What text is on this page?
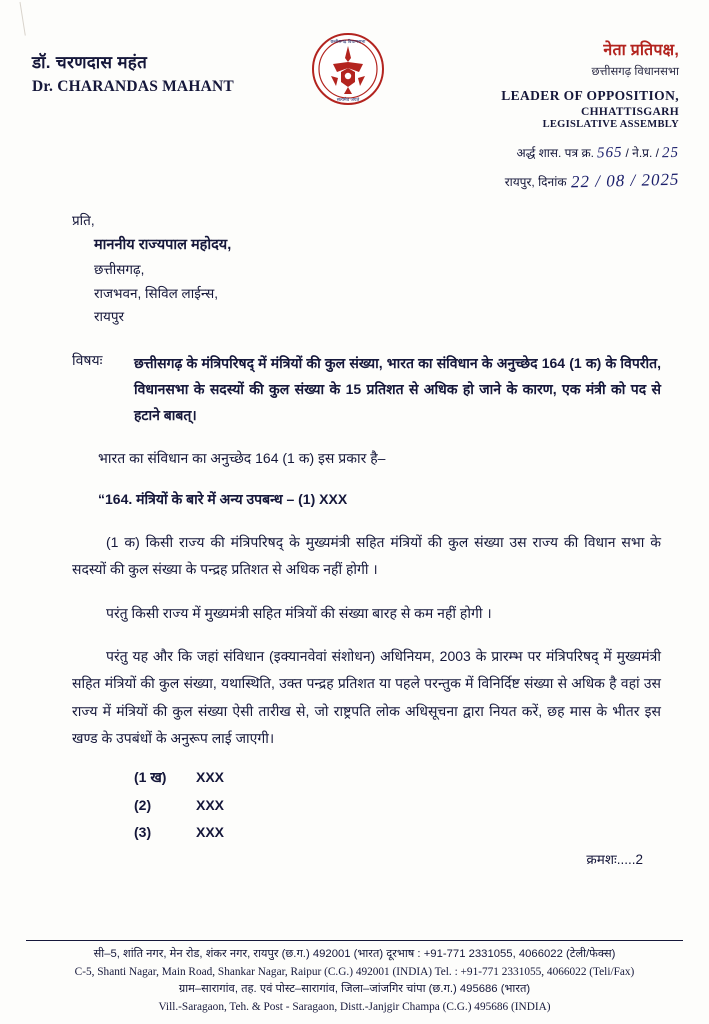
डॉ. चरणदास महंत
Dr. CHARANDAS MAHANT
छत्तीसगढ़ विधानसभा
सत्यमेव जयते
नेता प्रतिपक्ष,
छत्तीसगढ़ विधानसभा
LEADER OF OPPOSITION,
CHHATTISGARH
LEGISLATIVE ASSEMBLY
अर्द्ध शास. पत्र क्र. 565 / ने.प्र. / 25
रायपुर, दिनांक 22 / 08 / 2025
प्रति,
माननीय राज्यपाल महोदय,
छत्तीसगढ़,
राजभवन, सिविल लाईन्स,
रायपुर
विषयः	छत्तीसगढ़ के मंत्रिपरिषद् में मंत्रियों की कुल संख्या, भारत का संविधान के अनुच्छेद 164 (1 क) के विपरीत, विधानसभा के सदस्यों की कुल संख्या के 15 प्रतिशत से अधिक हो जाने के कारण, एक मंत्री को पद से हटाने बाबत्।
भारत का संविधान का अनुच्छेद 164 (1 क) इस प्रकार है–
“164. मंत्रियों के बारे में अन्य उपबन्ध – (1) XXX
(1 क) किसी राज्य की मंत्रिपरिषद् के मुख्यमंत्री सहित मंत्रियों की कुल संख्या उस राज्य की विधान सभा के सदस्यों की कुल संख्या के पन्द्रह प्रतिशत से अधिक नहीं होगी ।
परंतु किसी राज्य में मुख्यमंत्री सहित मंत्रियों की संख्या बारह से कम नहीं होगी ।
परंतु यह और कि जहां संविधान (इक्यानवेवां संशोधन) अधिनियम, 2003 के प्रारम्भ पर मंत्रिपरिषद् में मुख्यमंत्री सहित मंत्रियों की कुल संख्या, यथास्थिति, उक्त पन्द्रह प्रतिशत या पहले परन्तुक में विनिर्दिष्ट संख्या से अधिक है वहां उस राज्य में मंत्रियों की कुल संख्या ऐसी तारीख से, जो राष्ट्रपति लोक अधिसूचना द्वारा नियत करें, छह मास के भीतर इस खण्ड के उपबंधों के अनुरूप लाई जाएगी।
(1 ख)	XXX
(2)	XXX
(3)	XXX
क्रमशः.....2
सी–5, शांति नगर, मेन रोड, शंकर नगर, रायपुर (छ.ग.) 492001 (भारत) दूरभाष : +91-771 2331055, 4066022 (टेली/फेक्स)
C-5, Shanti Nagar, Main Road, Shankar Nagar, Raipur (C.G.) 492001 (INDIA) Tel. : +91-771 2331055, 4066022 (Teli/Fax)
ग्राम–सारागांव, तह. एवं पोस्ट–सारागांव, जिला–जांजगिर चांपा (छ.ग.) 495686 (भारत)
Vill.-Saragaon, Teh. & Post - Saragaon, Distt.-Janjgir Champa (C.G.) 495686 (INDIA)
